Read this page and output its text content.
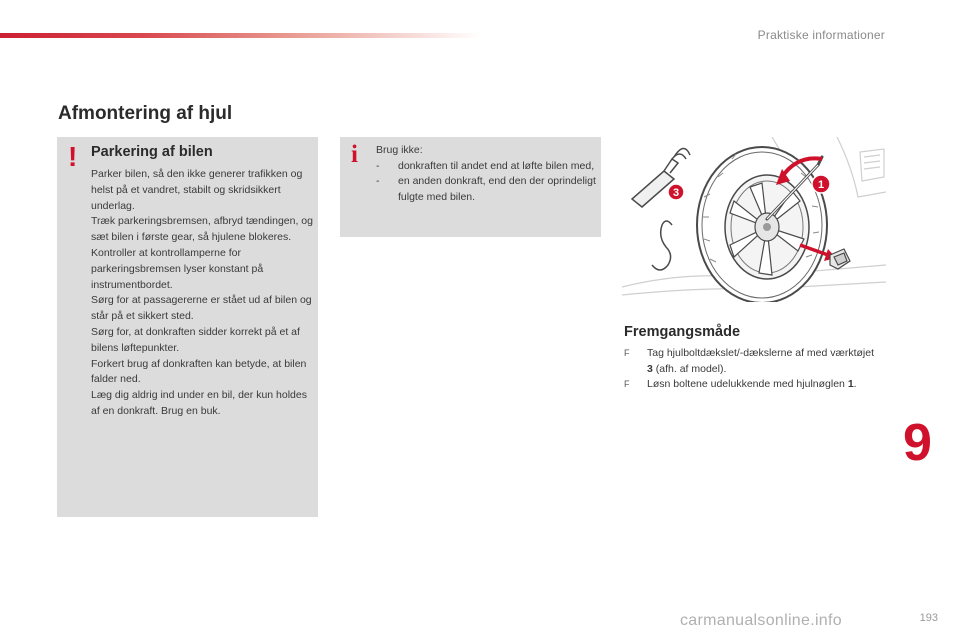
Praktiske informationer
Afmontering af hjul
! Parkering af bilen

Parker bilen, så den ikke generer trafikken og helst på et vandret, stabilt og skridsikkert underlag.

Træk parkeringsbremsen, afbryd tændingen, og sæt bilen i første gear, så hjulene blokeres.

Kontroller at kontrollamperne for parkeringsbremsen lyser konstant på instrumentbordet.

Sørg for at passagererne er stået ud af bilen og står på et sikkert sted.

Sørg for, at donkraften sidder korrekt på et af bilens løftepunkter.

Forkert brug af donkraften kan betyde, at bilen falder ned.

Læg dig aldrig ind under en bil, der kun holdes af en donkraft. Brug en buk.

i Brug ikke:
-	donkraften til andet end at løfte bilen med,
-	en anden donkraft, end den der oprindeligt fulgte med bilen.
1
3
Fremgangsmåde
F	Tag hjulboltdækslet/-dækslerne af med værktøjet 3 (afh. af model).
F	Løsn boltene udelukkende med hjulnøglen 1.
9
carmanualsonline.info	193
